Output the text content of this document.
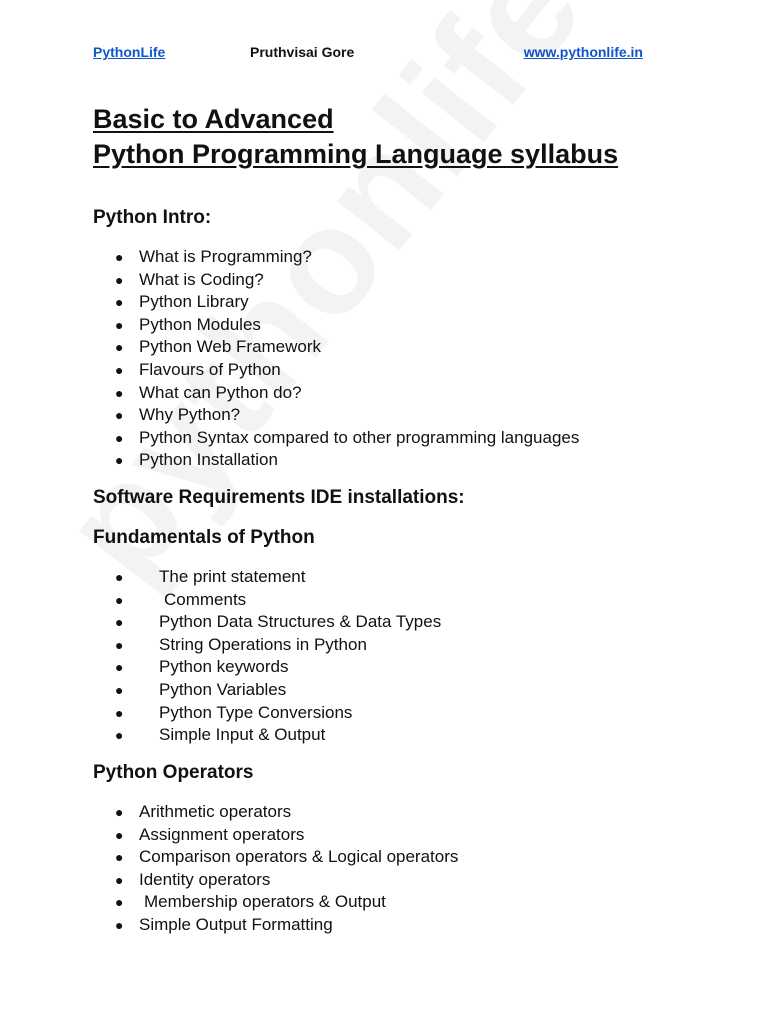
PythonLife	Pruthvisai Gore	www.pythonlife.in
Basic to Advanced
Python Programming Language syllabus
Python Intro:
● What is Programming?
● What is Coding?
● Python Library
● Python Modules
● Python Web Framework
● Flavours of Python
● What can Python do?
● Why Python?
● Python Syntax compared to other programming languages
● Python Installation
Software Requirements IDE installations:
Fundamentals of Python
● The print statement
● Comments
● Python Data Structures & Data Types
● String Operations in Python
● Python keywords
● Python Variables
● Python Type Conversions
● Simple Input & Output
Python Operators
● Arithmetic operators
● Assignment operators
● Comparison operators & Logical operators
● Identity operators
● Membership operators & Output
● Simple Output Formatting
